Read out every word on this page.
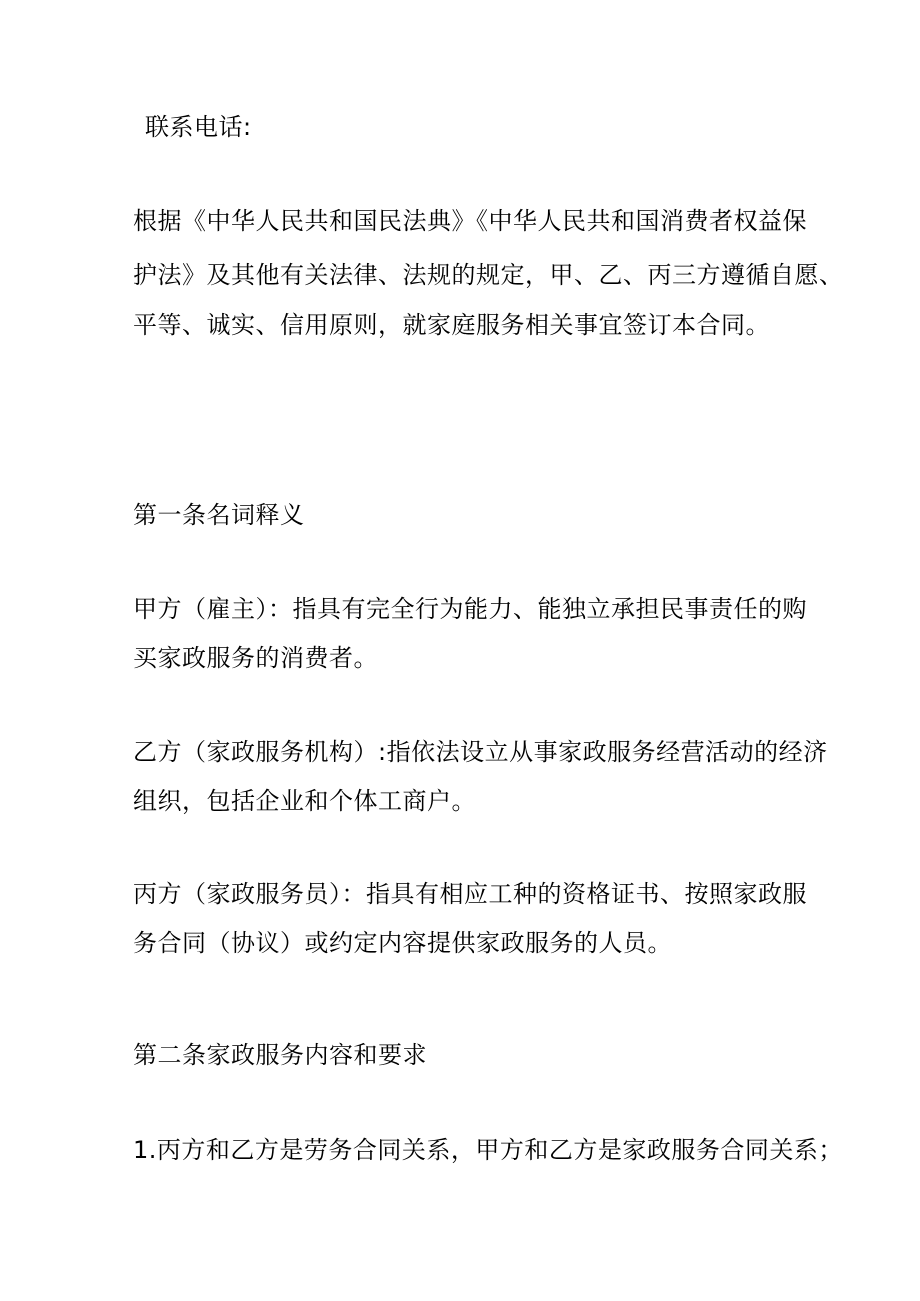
联系电话:
根据《中华人民共和国民法典》《中华人民共和国消费者权益保
护法》及其他有关法律、法规的规定，甲、乙、丙三方遵循自愿、
平等、诚实、信用原则，就家庭服务相关事宜签订本合同。
第一条名词释义
甲方（雇主）：指具有完全行为能力、能独立承担民事责任的购
买家政服务的消费者。
乙方（家政服务机构）:指依法设立从事家政服务经营活动的经济
组织，包括企业和个体工商户。
丙方（家政服务员）：指具有相应工种的资格证书、按照家政服
务合同（协议）或约定内容提供家政服务的人员。
第二条家政服务内容和要求
1.丙方和乙方是劳务合同关系，甲方和乙方是家政服务合同关系；
